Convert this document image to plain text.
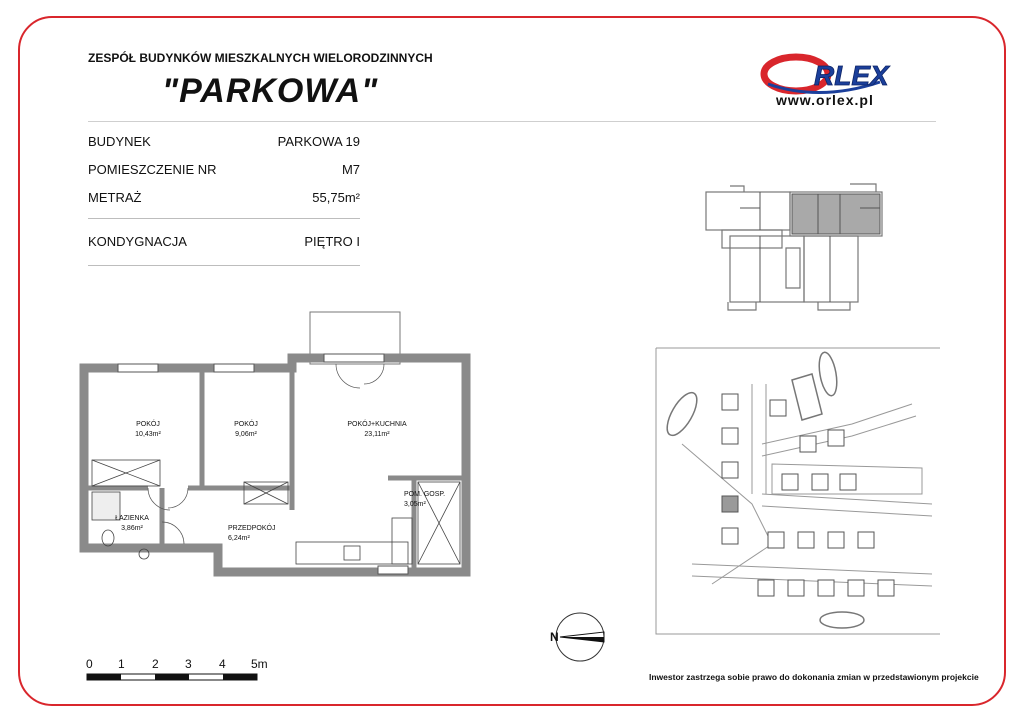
ZESPÓŁ BUDYNKÓW MIESZKALNYCH WIELORODZINNYCH
"PARKOWA"	RLEX
www.orlex.pl
BUDYNEK	PARKOWA 19
POMIESZCZENIE NR	M7
METRAŻ	55,75m²
KONDYGNACJA	PIĘTRO I
POKÓJ
10,43m²
POKÓJ
9,06m²
POKÓJ+KUCHNIA
23,11m²
ŁAZIENKA
3,86m²	PRZEDPOKÓJ
6,24m²
POM. GOSP.
3,05m²
N
0 1 2 3 4 5m
Inwestor zastrzega sobie prawo do dokonania zmian w przedstawionym projekcie
